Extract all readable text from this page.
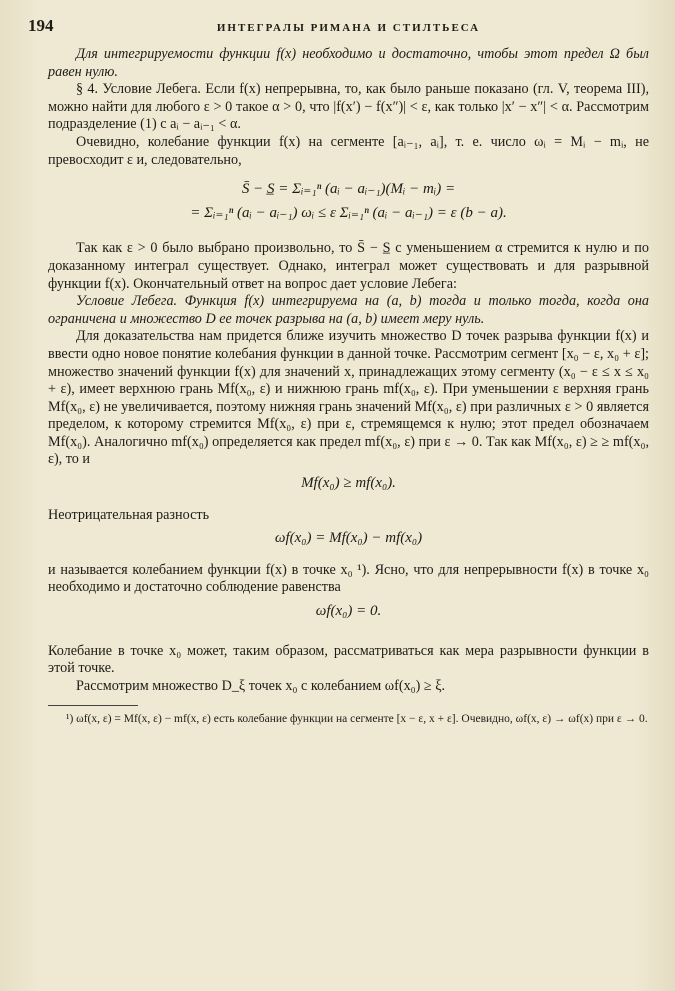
194	ИНТЕГРАЛЫ РИМАНА И СТИЛТЬЕСА

Для интегрируемости функции f(x) необходимо и достаточно, чтобы этот предел Ω был равен нулю.

§ 4. Условие Лебега. Если f(x) непрерывна, то, как было раньше показано (гл. V, теорема III), можно найти для любого ε > 0 такое α > 0, что |f(x′) − f(x″)| < ε, как только |x′ − x″| < α. Рассмотрим подразделение (1) с aᵢ − aᵢ₋₁ < α.

Очевидно, колебание функции f(x) на сегменте [aᵢ₋₁, aᵢ], т. е. число ωᵢ = Mᵢ − mᵢ, не превосходит ε и, следовательно,

S̄ − S̲ = Σᵢ₌₁ⁿ (aᵢ − aᵢ₋₁)(Mᵢ − mᵢ) =
= Σᵢ₌₁ⁿ (aᵢ − aᵢ₋₁) ωᵢ ≤ ε Σᵢ₌₁ⁿ (aᵢ − aᵢ₋₁) = ε (b − a).

Так как ε > 0 было выбрано произвольно, то S̄ − S̲ с уменьшением α стремится к нулю и по доказанному интеграл существует. Однако, интеграл может существовать и для разрывной функции f(x). Окончательный ответ на вопрос дает условие Лебега:

Условие Лебега. Функция f(x) интегрируема на (a, b) тогда и только тогда, когда она ограничена и множество D ее точек разрыва на (a, b) имеет меру нуль.

Для доказательства нам придется ближе изучить множество D точек разрыва функции f(x) и ввести одно новое понятие колебания функции в данной точке. Рассмотрим сегмент [x₀ − ε, x₀ + ε]; множество значений функции f(x) для значений x, принадлежащих этому сегменту (x₀ − ε ≤ x ≤ x₀ + ε), имеет верхнюю грань Mf(x₀, ε) и нижнюю грань mf(x₀, ε). При уменьшении ε верхняя грань Mf(x₀, ε) не увеличивается, поэтому нижняя грань значений Mf(x₀, ε) при различных ε > 0 является пределом, к которому стремится Mf(x₀, ε) при ε, стремящемся к нулю; этот предел обозначаем Mf(x₀). Аналогично mf(x₀) определяется как предел mf(x₀, ε) при ε → 0. Так как Mf(x₀, ε) ≥ ≥ mf(x₀, ε), то и

Mf(x₀) ≥ mf(x₀).

Неотрицательная разность

ωf(x₀) = Mf(x₀) − mf(x₀)

и называется колебанием функции f(x) в точке x₀ ¹). Ясно, что для непрерывности f(x) в точке x₀ необходимо и достаточно соблюдение равенства

ωf(x₀) = 0.

Колебание в точке x₀ может, таким образом, рассматриваться как мера разрывности функции в этой точке.

Рассмотрим множество D_ξ точек x₀ с колебанием ωf(x₀) ≥ ξ.

¹) ωf(x, ε) = Mf(x, ε) − mf(x, ε) есть колебание функции на сегменте [x − ε, x + ε]. Очевидно, ωf(x, ε) → ωf(x) при ε → 0.
